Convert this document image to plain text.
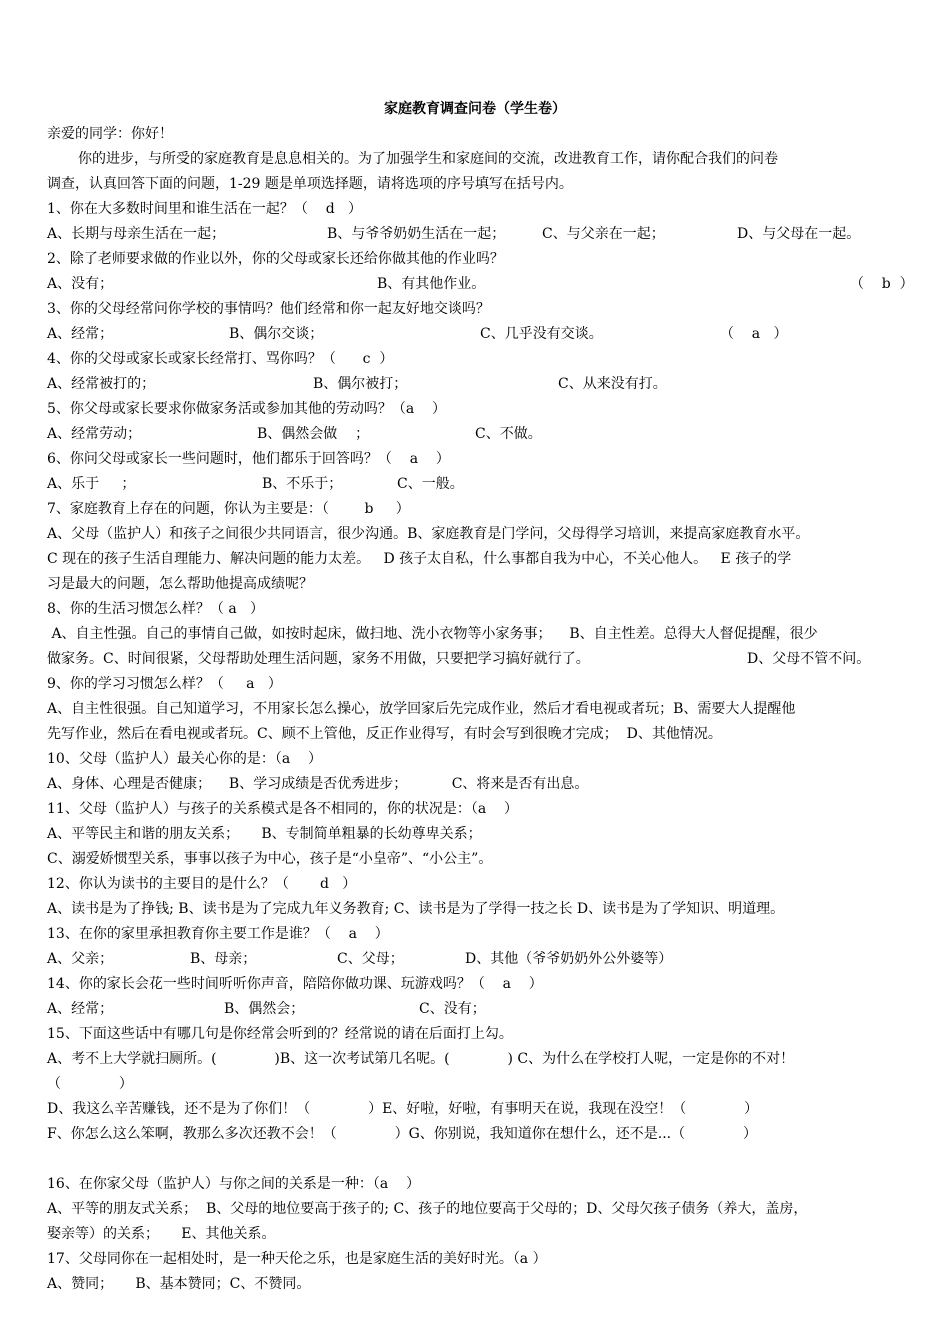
家庭教育调查问卷（学生卷）
亲爱的同学：你好！
你的进步，与所受的家庭教育是息息相关的。为了加强学生和家庭间的交流，改进教育工作，请你配合我们的问卷
调查，认真回答下面的问题，1-29 题是单项选择题，请将选项的序号填写在括号内。
1、你在大多数时间里和谁生活在一起？（    d   ）
A、长期与母亲生活在一起；	B、与爷爷奶奶生活在一起；	C、与父亲在一起；	D、与父母在一起。
2、除了老师要求做的作业以外，你的父母或家长还给你做其他的作业吗？
A、没有；	B、有其他作业。	（    b  ）
3、你的父母经常问你学校的事情吗？他们经常和你一起友好地交谈吗？
A、经常；	B、偶尔交谈；	C、几乎没有交谈。	（    a   ）
4、你的父母或家长或家长经常打、骂你吗？（      c  ）
A、经常被打的；	B、偶尔被打；	C、从来没有打。
5、你父母或家长要求你做家务活或参加其他的劳动吗？（a    ）
A、经常劳动；	B、偶然会做    ；	C、不做。
6、你问父母或家长一些问题时，他们都乐于回答吗？（    a    ）
A、乐于     ；	B、不乐于；	C、一般。
7、家庭教育上存在的问题，你认为主要是：（        b     ）
A、父母（监护人）和孩子之间很少共同语言，很少沟通。B、家庭教育是门学问，父母得学习培训，来提高家庭教育水平。
C 现在的孩子生活自理能力、解决问题的能力太差。   D 孩子太自私，什么事都自我为中心，不关心他人。   E 孩子的学
习是最大的问题，怎么帮助他提高成绩呢？
8、你的生活习惯怎么样？（ a   ）
A、自主性强。自己的事情自己做，如按时起床，做扫地、洗小衣物等小家务事；    B、自主性差。总得大人督促提醒，很少
做家务。C、时间很紧，父母帮助处理生活问题，家务不用做，只要把学习搞好就行了。	D、父母不管不问。
9、你的学习习惯怎么样？（     a   ）
A、自主性很强。自己知道学习，不用家长怎么操心，放学回家后先完成作业，然后才看电视或者玩；B、需要大人提醒他
先写作业，然后在看电视或者玩。C、顾不上管他，反正作业得写，有时会写到很晚才完成；  D、其他情况。
10、父母（监护人）最关心你的是：（a    ）
A、身体、心理是否健康；    B、学习成绩是否优秀进步；          C、将来是否有出息。
11、父母（监护人）与孩子的关系模式是各不相同的，你的状况是：（a    ）
A、平等民主和谐的朋友关系；     B、专制简单粗暴的长幼尊卑关系；
C、溺爱娇惯型关系，事事以孩子为中心，孩子是“小皇帝”、“小公主”。
12、你认为读书的主要目的是什么？（       d   ）
A、读书是为了挣钱; B、读书是为了完成九年义务教育; C、读书是为了学得一技之长 D、读书是为了学知识、明道理。
13、在你的家里承担教育你主要工作是谁？（    a    ）
A、父亲；	B、母亲；	C、父母；	D、其他（爷爷奶奶外公外婆等）
14、你的家长会花一些时间听听你声音，陪陪你做功课、玩游戏吗？（    a    ）
A、经常；	B、偶然会；	C、没有；
15、下面这些话中有哪几句是你经常会听到的？经常说的请在后面打上勾。
A、考不上大学就扫厕所。(             )B、这一次考试第几名呢。(             ) C、为什么在学校打人呢，一定是你的不对！
（             ）
D、我这么辛苦赚钱，还不是为了你们！（             ）E、好啦，好啦，有事明天在说，我现在没空！（             ）
F、你怎么这么笨啊，教那么多次还教不会！（             ）G、你别说，我知道你在想什么，还不是...（             ）
16、在你家父母（监护人）与你之间的关系是一种：（a    ）
A、平等的朋友式关系；  B、父母的地位要高于孩子的; C、孩子的地位要高于父母的；D、父母欠孩子债务（养大，盖房，
娶亲等）的关系；     E、其他关系。
17、父母同你在一起相处时，是一种天伦之乐，也是家庭生活的美好时光。（a ）
A、赞同；     B、基本赞同；C、不赞同。
